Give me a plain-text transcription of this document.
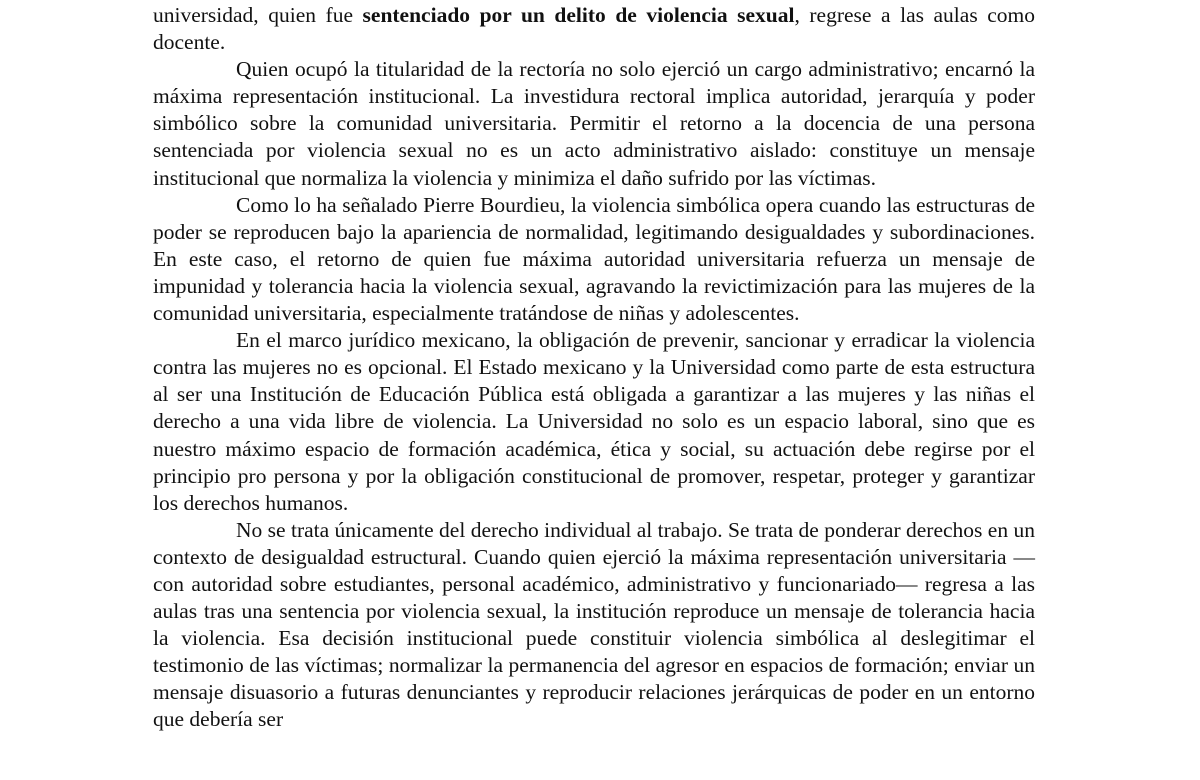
universidad, quien fue sentenciado por un delito de violencia sexual, regrese a las aulas como docente.

Quien ocupó la titularidad de la rectoría no solo ejerció un cargo administrativo; encarnó la máxima representación institucional. La investidura rectoral implica autoridad, jerarquía y poder simbólico sobre la comunidad universitaria. Permitir el retorno a la docencia de una persona sentenciada por violencia sexual no es un acto administrativo aislado: constituye un mensaje institucional que normaliza la violencia y minimiza el daño sufrido por las víctimas.

Como lo ha señalado Pierre Bourdieu, la violencia simbólica opera cuando las estructuras de poder se reproducen bajo la apariencia de normalidad, legitimando desigualdades y subordinaciones. En este caso, el retorno de quien fue máxima autoridad universitaria refuerza un mensaje de impunidad y tolerancia hacia la violencia sexual, agravando la revictimización para las mujeres de la comunidad universitaria, especialmente tratándose de niñas y adolescentes.

En el marco jurídico mexicano, la obligación de prevenir, sancionar y erradicar la violencia contra las mujeres no es opcional. El Estado mexicano y la Universidad como parte de esta estructura al ser una Institución de Educación Pública está obligada a garantizar a las mujeres y las niñas el derecho a una vida libre de violencia. La Universidad no solo es un espacio laboral, sino que es nuestro máximo espacio de formación académica, ética y social, su actuación debe regirse por el principio pro persona y por la obligación constitucional de promover, respetar, proteger y garantizar los derechos humanos.

No se trata únicamente del derecho individual al trabajo. Se trata de ponderar derechos en un contexto de desigualdad estructural. Cuando quien ejerció la máxima representación universitaria —con autoridad sobre estudiantes, personal académico, administrativo y funcionariado— regresa a las aulas tras una sentencia por violencia sexual, la institución reproduce un mensaje de tolerancia hacia la violencia. Esa decisión institucional puede constituir violencia simbólica al deslegitimar el testimonio de las víctimas; normalizar la permanencia del agresor en espacios de formación; enviar un mensaje disuasorio a futuras denunciantes y reproducir relaciones jerárquicas de poder en un entorno que debería ser
